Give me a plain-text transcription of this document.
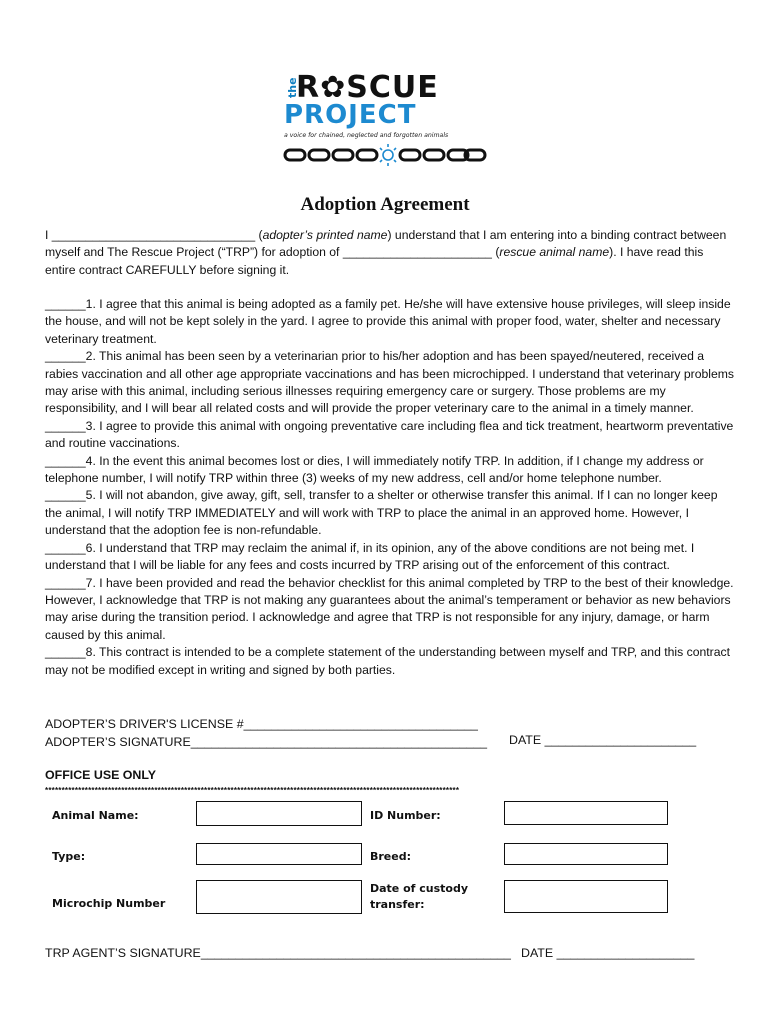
the
R✿SCUE
PROJECT
a voice for chained, neglected and forgotten animals
Adoption Agreement
I ______________________________ (adopter’s printed name) understand that I am entering into a binding contract between myself and The Rescue Project (“TRP”) for adoption of ______________________ (rescue animal name). I have read this entire contract CAREFULLY before signing it.
______1. I agree that this animal is being adopted as a family pet. He/she will have extensive house privileges, will sleep inside the house, and will not be kept solely in the yard. I agree to provide this animal with proper food, water, shelter and necessary veterinary treatment.
______2. This animal has been seen by a veterinarian prior to his/her adoption and has been spayed/neutered, received a rabies vaccination and all other age appropriate vaccinations and has been microchipped. I understand that veterinary problems may arise with this animal, including serious illnesses requiring emergency care or surgery. Those problems are my responsibility, and I will bear all related costs and will provide the proper veterinary care to the animal in a timely manner.
______3. I agree to provide this animal with ongoing preventative care including flea and tick treatment, heartworm preventative and routine vaccinations.
______4. In the event this animal becomes lost or dies, I will immediately notify TRP. In addition, if I change my address or telephone number, I will notify TRP within three (3) weeks of my new address, cell and/or home telephone number.
______5. I will not abandon, give away, gift, sell, transfer to a shelter or otherwise transfer this animal. If I can no longer keep the animal, I will notify TRP IMMEDIATELY and will work with TRP to place the animal in an approved home. However, I understand that the adoption fee is non-refundable.
______6. I understand that TRP may reclaim the animal if, in its opinion, any of the above conditions are not being met. I understand that I will be liable for any fees and costs incurred by TRP arising out of the enforcement of this contract.
______7. I have been provided and read the behavior checklist for this animal completed by TRP to the best of their knowledge. However, I acknowledge that TRP is not making any guarantees about the animal’s temperament or behavior as new behaviors may arise during the transition period. I acknowledge and agree that TRP is not responsible for any injury, damage, or harm caused by this animal.
______8. This contract is intended to be a complete statement of the understanding between myself and TRP, and this contract may not be modified except in writing and signed by both parties.
ADOPTER’S DRIVER'S LICENSE #__________________________________
ADOPTER’S SIGNATURE___________________________________________ DATE ______________________
OFFICE USE ONLY
*****************************************************************************************************************************
Animal Name:	ID Number:
Type:	Breed:
Microchip Number
Date of custody
transfer:
TRP AGENT’S SIGNATURE_____________________________________________ DATE ____________________
